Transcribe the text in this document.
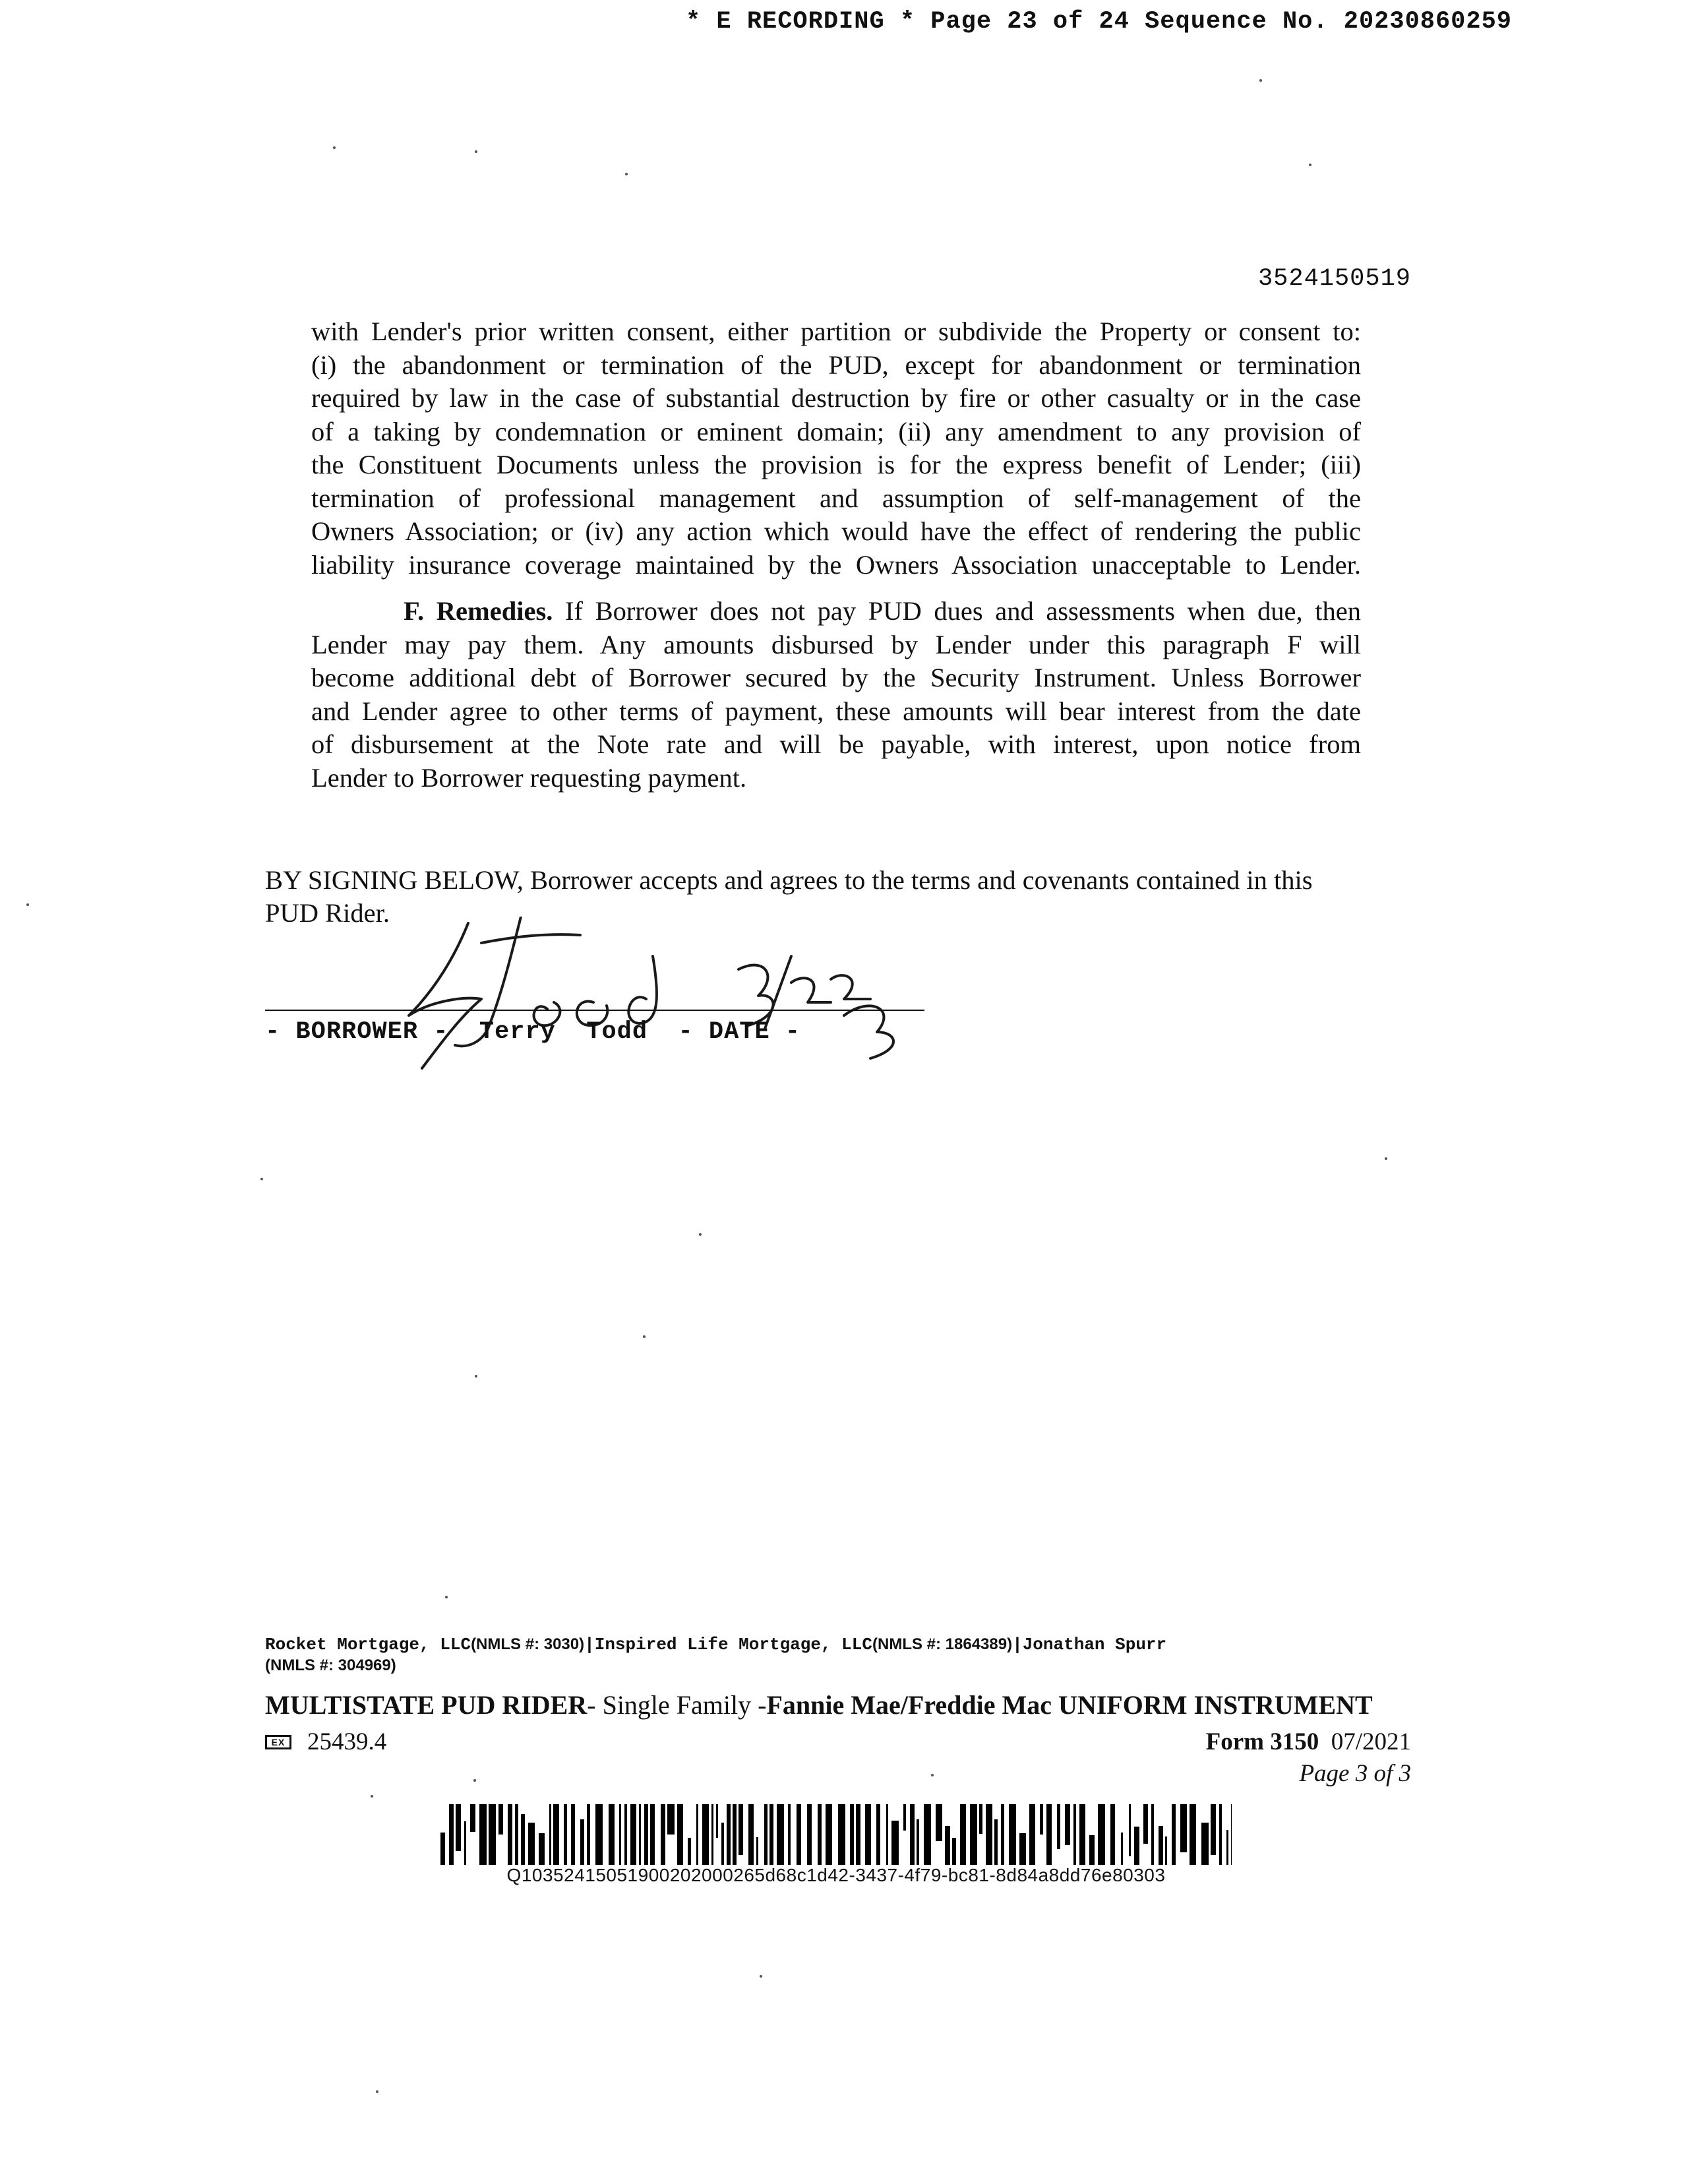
* E RECORDING * Page 23 of 24 Sequence No. 20230860259
3524150519
with Lender's prior written consent, either partition or subdivide the Property or consent to:
(i) the abandonment or termination of the PUD, except for abandonment or termination
required by law in the case of substantial destruction by fire or other casualty or in the case
of a taking by condemnation or eminent domain; (ii) any amendment to any provision of
the Constituent Documents unless the provision is for the express benefit of Lender; (iii)
termination of professional management and assumption of self-management of the
Owners Association; or (iv) any action which would have the effect of rendering the public
liability insurance coverage maintained by the Owners Association unacceptable to Lender.
F. Remedies. If Borrower does not pay PUD dues and assessments when due, then
Lender may pay them. Any amounts disbursed by Lender under this paragraph F will
become additional debt of Borrower secured by the Security Instrument. Unless Borrower
and Lender agree to other terms of payment, these amounts will bear interest from the date
of disbursement at the Note rate and will be payable, with interest, upon notice from
Lender to Borrower requesting payment.
BY SIGNING BELOW, Borrower accepts and agrees to the terms and covenants contained in this
PUD Rider.
- BORROWER -  Terry  Todd  - DATE -
Rocket Mortgage, LLC(NMLS #: 3030)|Inspired Life Mortgage, LLC(NMLS #: 1864389)|Jonathan Spurr
(NMLS #: 304969)
MULTISTATE PUD RIDER- Single Family -Fannie Mae/Freddie Mac UNIFORM INSTRUMENT
EX 25439.4	Form 3150 07/2021
Page 3 of 3
Q10352415051900202000265d68c1d42-3437-4f79-bc81-8d84a8dd76e80303
